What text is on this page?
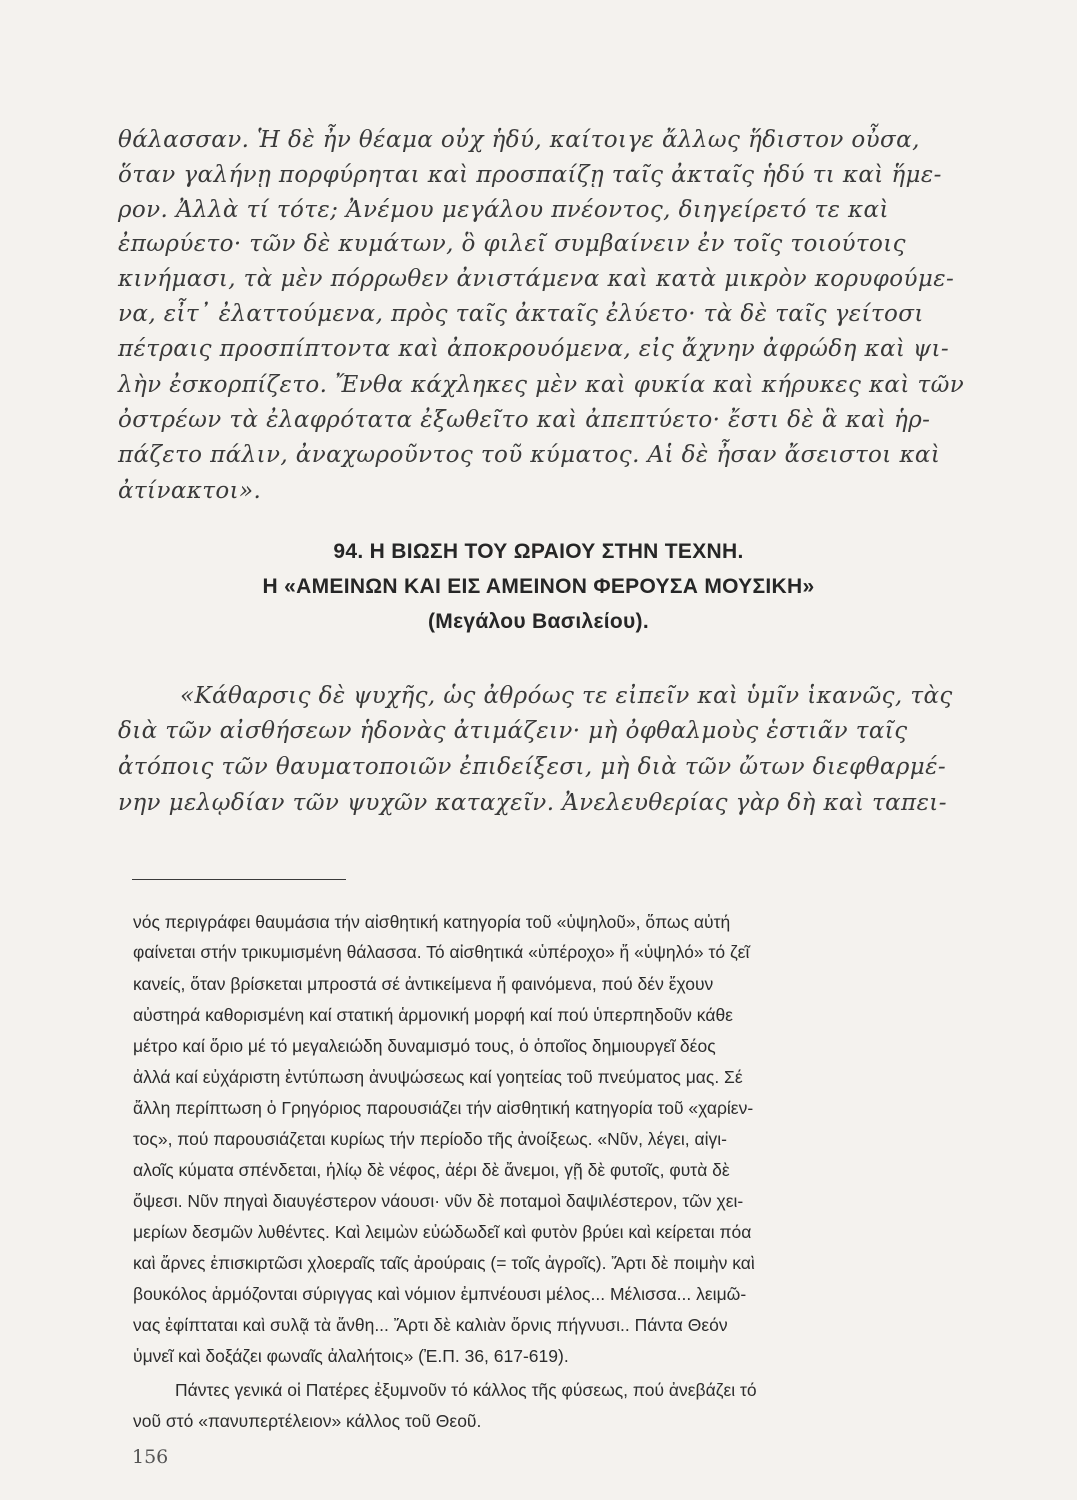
θάλασσαν. Ἡ δὲ ἦν θέαμα οὐχ ἡδύ, καίτοιγε ἄλλως ἥδιστον οὖσα,

ὅταν γαλήνῃ πορφύρηται καὶ προσπαίζῃ ταῖς ἀκταῖς ἡδύ τι καὶ ἥμε-

ρον. Ἀλλὰ τί τότε; Ἀνέμου μεγάλου πνέοντος, διηγείρετό τε καὶ

ἐπωρύετο· τῶν δὲ κυμάτων, ὃ φιλεῖ συμβαίνειν ἐν τοῖς τοιούτοις

κινήμασι, τὰ μὲν πόρρωθεν ἀνιστάμενα καὶ κατὰ μικρὸν κορυφούμε-

να, εἶτ᾽ ἐλαττούμενα, πρὸς ταῖς ἀκταῖς ἐλύετο· τὰ δὲ ταῖς γείτοσι

πέτραις προσπίπτοντα καὶ ἀποκρουόμενα, εἰς ἄχνην ἀφρώδη καὶ ψι-

λὴν ἐσκορπίζετο. Ἔνθα κάχληκες μὲν καὶ φυκία καὶ κήρυκες καὶ τῶν

ὀστρέων τὰ ἐλαφρότατα ἐξωθεῖτο καὶ ἀπεπτύετο· ἔστι δὲ ἃ καὶ ἡρ-

πάζετο πάλιν, ἀναχωροῦντος τοῦ κύματος. Αἱ δὲ ἦσαν ἄσειστοι καὶ

ἀτίνακτοι».

94. Η ΒΙΩΣΗ ΤΟΥ ΩΡΑΙΟΥ ΣΤΗΝ ΤΕΧΝΗ.

Η «ΑΜΕΙΝΩΝ ΚΑΙ ΕΙΣ ΑΜΕΙΝΟΝ ΦΕΡΟΥΣΑ ΜΟΥΣΙΚΗ»

(Μεγάλου Βασιλείου).

«Κάθαρσις δὲ ψυχῆς, ὡς ἀθρόως τε εἰπεῖν καὶ ὑμῖν ἱκανῶς, τὰς

διὰ τῶν αἰσθήσεων ἡδονὰς ἀτιμάζειν· μὴ ὀφθαλμοὺς ἑστιᾶν ταῖς

ἀτόποις τῶν θαυματοποιῶν ἐπιδείξεσι, μὴ διὰ τῶν ὤτων διεφθαρμέ-

νην μελῳδίαν τῶν ψυχῶν καταχεῖν. Ἀνελευθερίας γὰρ δὴ καὶ ταπει-

νός περιγράφει θαυμάσια τήν αἰσθητική κατηγορία τοῦ «ὑψηλοῦ», ὅπως αὐτή

φαίνεται στήν τρικυμισμένη θάλασσα. Τό αἰσθητικά «ὑπέροχο» ἤ «ὑψηλό» τό ζεῖ

κανείς, ὅταν βρίσκεται μπροστά σέ ἀντικείμενα ἤ φαινόμενα, πού δέν ἔχουν

αὐστηρά καθορισμένη καί στατική ἁρμονική μορφή καί πού ὑπερπηδοῦν κάθε

μέτρο καί ὅριο μέ τό μεγαλειώδη δυναμισμό τους, ὁ ὁποῖος δημιουργεῖ δέος

ἀλλά καί εὐχάριστη ἐντύπωση ἀνυψώσεως καί γοητείας τοῦ πνεύματος μας. Σέ

ἄλλη περίπτωση ὁ Γρηγόριος παρουσιάζει τήν αἰσθητική κατηγορία τοῦ «χαρίεν-

τος», πού παρουσιάζεται κυρίως τήν περίοδο τῆς ἀνοίξεως. «Νῦν, λέγει, αἰγι-

αλοῖς κύματα σπένδεται, ἡλίῳ δὲ νέφος, ἀέρι δὲ ἄνεμοι, γῇ δὲ φυτοῖς, φυτὰ δὲ

ὄψεσι. Νῦν πηγαὶ διαυγέστερον νάουσι· νῦν δὲ ποταμοὶ δαψιλέστερον, τῶν χει-

μερίων δεσμῶν λυθέντες. Καὶ λειμὼν εὐώδωδεῖ καὶ φυτὸν βρύει καὶ κείρεται πόα

καὶ ἄρνες ἐπισκιρτῶσι χλοεραῖς ταῖς ἀρούραις (= τοῖς ἀγροῖς). Ἄρτι δὲ ποιμὴν καὶ

βουκόλος ἁρμόζονται σύριγγας καὶ νόμιον ἐμπνέουσι μέλος... Μέλισσα... λειμῶ-

νας ἐφίπταται καὶ συλᾷ τὰ ἄνθη... Ἄρτι δὲ καλιὰν ὄρνις πήγνυσι.. Πάντα Θεόν

ὑμνεῖ καὶ δοξάζει φωναῖς ἀλαλήτοις» (Ἐ.Π. 36, 617-619).

Πάντες γενικά οἱ Πατέρες ἐξυμνοῦν τό κάλλος τῆς φύσεως, πού ἀνεβάζει τό

νοῦ στό «πανυπερτέλειον» κάλλος τοῦ Θεοῦ.

156
